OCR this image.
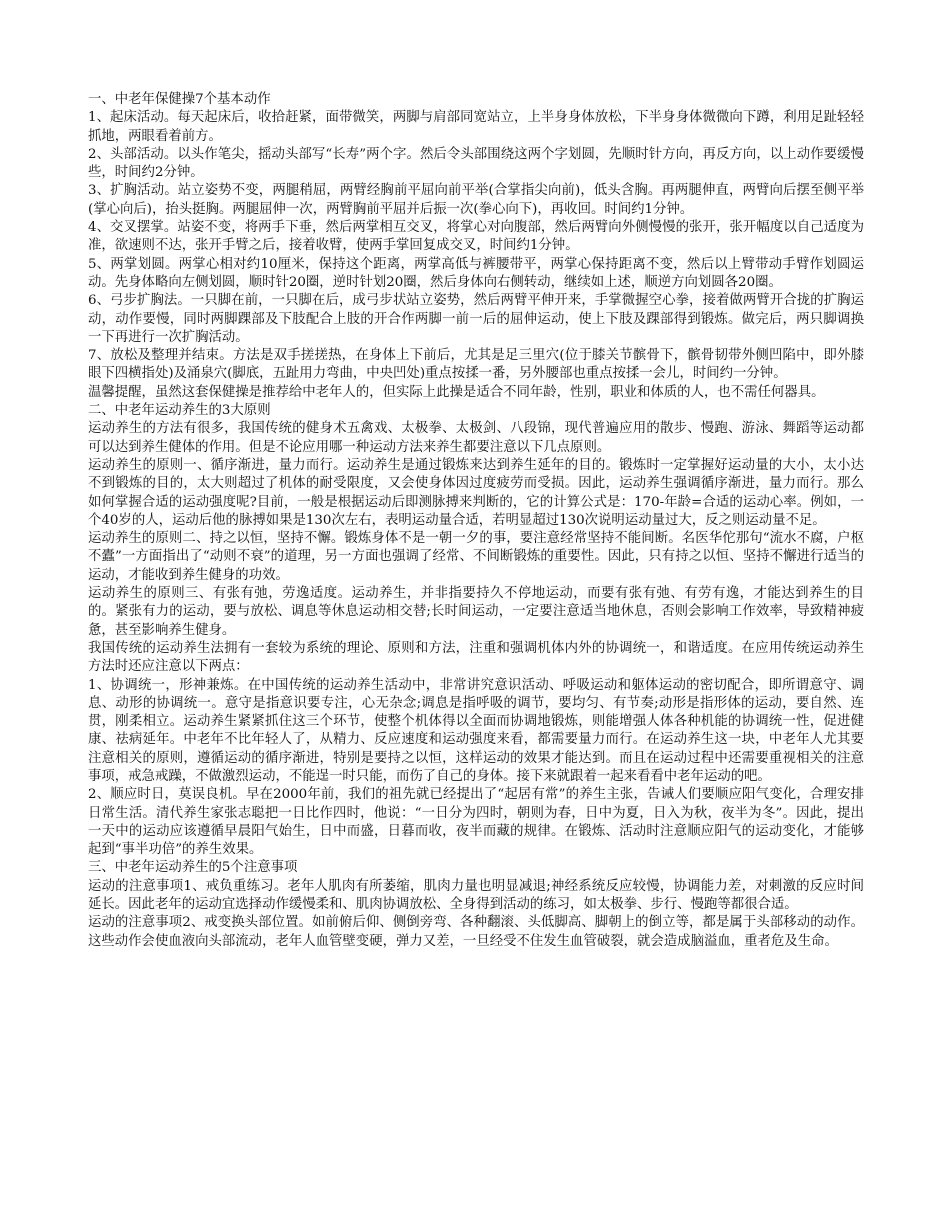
一、中老年保健操7个基本动作

1、起床活动。每天起床后，收拾赶紧，面带微笑，两脚与肩部同宽站立，上半身身体放松，下半身身体微微向下蹲，利用足趾轻轻抓地，两眼看着前方。

2、头部活动。以头作笔尖，摇动头部写“长寿”两个字。然后令头部围绕这两个字划圆，先顺时针方向，再反方向，以上动作要缓慢些，时间约2分钟。

3、扩胸活动。站立姿势不变，两腿稍屈，两臂经胸前平屈向前平举(合掌指尖向前)，低头含胸。再两腿伸直，两臂向后摆至侧平举(掌心向后)，抬头挺胸。两腿屈伸一次，两臂胸前平屈并后振一次(拳心向下)，再收回。时间约1分钟。

4、交叉摆掌。站姿不变，将两手下垂，然后两掌相互交叉，将掌心对向腹部，然后两臂向外侧慢慢的张开，张开幅度以自己适度为准，欲速则不达，张开手臂之后，接着收臂，使两手掌回复成交叉，时间约1分钟。

5、两掌划圆。两掌心相对约10厘米，保持这个距离，两掌高低与裤腰带平，两掌心保持距离不变，然后以上臂带动手臂作划圆运动。先身体略向左侧划圆，顺时针20圈，逆时针划20圈，然后身体向右侧转动，继续如上述，顺逆方向划圆各20圈。

6、弓步扩胸法。一只脚在前，一只脚在后，成弓步状站立姿势，然后两臂平伸开来，手掌微握空心拳，接着做两臂开合拢的扩胸运动，动作要慢，同时两脚踝部及下肢配合上肢的开合作两脚一前一后的屈伸运动，使上下肢及踝部得到锻炼。做完后，两只脚调换一下再进行一次扩胸活动。

7、放松及整理并结束。方法是双手搓搓热，在身体上下前后，尤其是足三里穴(位于膝关节髌骨下，髌骨韧带外侧凹陷中，即外膝眼下四横指处)及涌泉穴(脚底，五趾用力弯曲，中央凹处)重点按揉一番，另外腰部也重点按揉一会儿，时间约一分钟。

温馨提醒，虽然这套保健操是推荐给中老年人的，但实际上此操是适合不同年龄，性别，职业和体质的人，也不需任何器具。

二、中老年运动养生的3大原则

运动养生的方法有很多，我国传统的健身术五禽戏、太极拳、太极剑、八段锦，现代普遍应用的散步、慢跑、游泳、舞蹈等运动都可以达到养生健体的作用。但是不论应用哪一种运动方法来养生都要注意以下几点原则。

运动养生的原则一、循序渐进，量力而行。运动养生是通过锻炼来达到养生延年的目的。锻炼时一定掌握好运动量的大小，太小达不到锻炼的目的，太大则超过了机体的耐受限度，又会使身体因过度疲劳而受损。因此，运动养生强调循序渐进，量力而行。那么如何掌握合适的运动强度呢?目前，一般是根据运动后即测脉搏来判断的，它的计算公式是：170-年龄=合适的运动心率。例如，一个40岁的人，运动后他的脉搏如果是130次左右，表明运动量合适，若明显超过130次说明运动量过大，反之则运动量不足。

运动养生的原则二、持之以恒，坚持不懈。锻炼身体不是一朝一夕的事，要注意经常坚持不能间断。名医华佗那句“流水不腐，户枢不蠹”一方面指出了“动则不衰”的道理，另一方面也强调了经常、不间断锻炼的重要性。因此，只有持之以恒、坚持不懈进行适当的运动，才能收到养生健身的功效。

运动养生的原则三、有张有弛，劳逸适度。运动养生，并非指要持久不停地运动，而要有张有弛、有劳有逸，才能达到养生的目的。紧张有力的运动，要与放松、调息等休息运动相交替;长时间运动，一定要注意适当地休息，否则会影响工作效率，导致精神疲惫，甚至影响养生健身。

我国传统的运动养生法拥有一套较为系统的理论、原则和方法，注重和强调机体内外的协调统一，和谐适度。在应用传统运动养生方法时还应注意以下两点：

1、协调统一，形神兼炼。在中国传统的运动养生活动中，非常讲究意识活动、呼吸运动和躯体运动的密切配合，即所谓意守、调息、动形的协调统一。意守是指意识要专注，心无杂念;调息是指呼吸的调节，要均匀、有节奏;动形是指形体的运动，要自然、连贯，刚柔相立。运动养生紧紧抓住这三个环节，使整个机体得以全面而协调地锻炼，则能增强人体各种机能的协调统一性，促进健康、祛病延年。中老年不比年轻人了，从精力、反应速度和运动强度来看，都需要量力而行。在运动养生这一块，中老年人尤其要注意相关的原则，遵循运动的循序渐进，特别是要持之以恒，这样运动的效果才能达到。而且在运动过程中还需要重视相关的注意事项，戒急戒躁，不做激烈运动，不能逞一时只能，而伤了自己的身体。接下来就跟着一起来看看中老年运动的吧。

2、顺应时日，莫误良机。早在2000年前，我们的祖先就已经提出了“起居有常”的养生主张，告诫人们要顺应阳气变化，合理安排日常生活。清代养生家张志聪把一日比作四时，他说：“一日分为四时，朝则为春，日中为夏，日入为秋，夜半为冬”。因此，提出一天中的运动应该遵循早晨阳气始生，日中而盛，日暮而收，夜半而藏的规律。在锻炼、活动时注意顺应阳气的运动变化，才能够起到“事半功倍”的养生效果。

三、中老年运动养生的5个注意事项

运动的注意事项1、戒负重练习。老年人肌肉有所萎缩，肌肉力量也明显减退;神经系统反应较慢，协调能力差，对刺激的反应时间延长。因此老年的运动宜选择动作缓慢柔和、肌肉协调放松、全身得到活动的练习，如太极拳、步行、慢跑等都很合适。

运动的注意事项2、戒变换头部位置。如前俯后仰、侧倒旁弯、各种翻滚、头低脚高、脚朝上的倒立等，都是属于头部移动的动作。这些动作会使血液向头部流动，老年人血管壁变硬，弹力又差，一旦经受不住发生血管破裂，就会造成脑溢血，重者危及生命。
